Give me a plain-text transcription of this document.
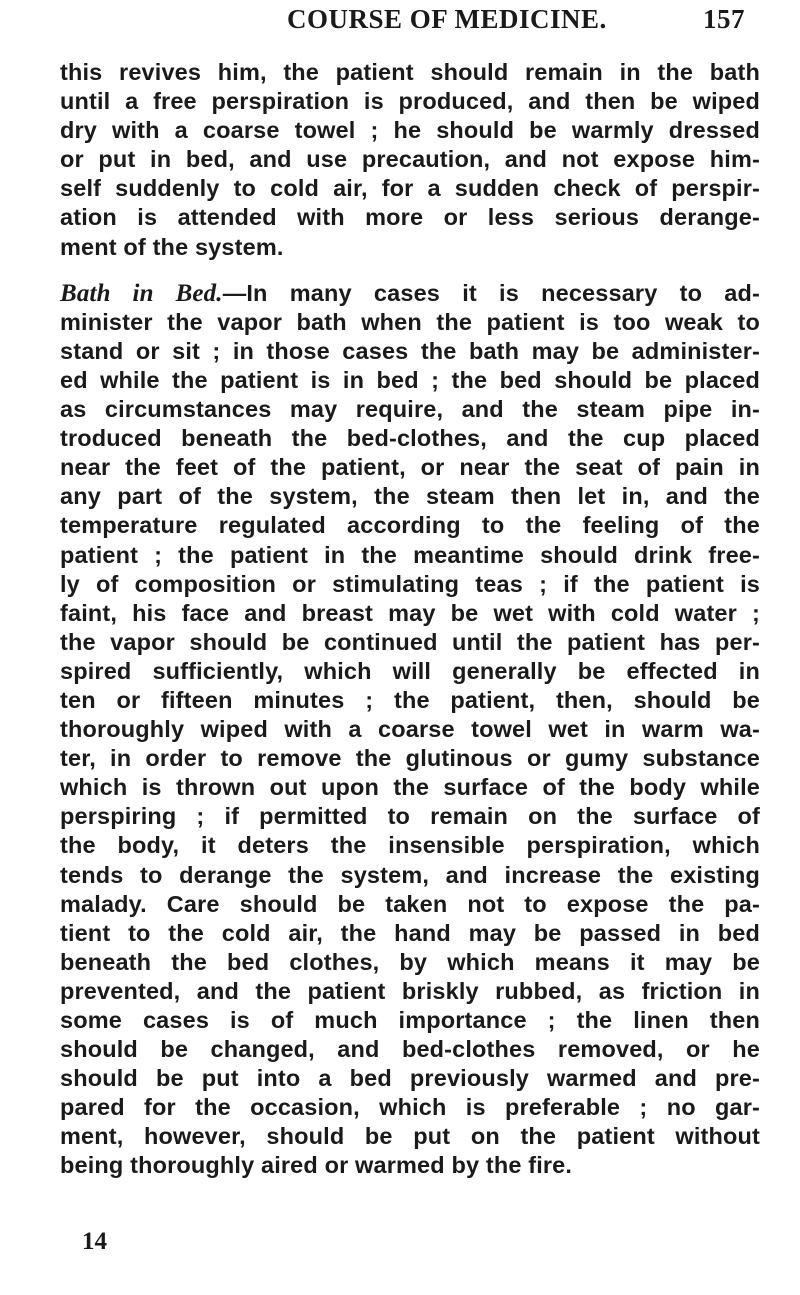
COURSE OF MEDICINE.	157
this revives him, the patient should remain in the bath
until a free perspiration is produced, and then be wiped
dry with a coarse towel ; he should be warmly dressed
or put in bed, and use precaution, and not expose him-
self suddenly to cold air, for a sudden check of perspir-
ation is attended with more or less serious derange-
ment of the system.
Bath in Bed.—In many cases it is necessary to ad-
minister the vapor bath when the patient is too weak to
stand or sit ; in those cases the bath may be administer-
ed while the patient is in bed ; the bed should be placed
as circumstances may require, and the steam pipe in-
troduced beneath the bed-clothes, and the cup placed
near the feet of the patient, or near the seat of pain in
any part of the system, the steam then let in, and the
temperature regulated according to the feeling of the
patient ; the patient in the meantime should drink free-
ly of composition or stimulating teas ; if the patient is
faint, his face and breast may be wet with cold water ;
the vapor should be continued until the patient has per-
spired sufficiently, which will generally be effected in
ten or fifteen minutes ; the patient, then, should be
thoroughly wiped with a coarse towel wet in warm wa-
ter, in order to remove the glutinous or gumy substance
which is thrown out upon the surface of the body while
perspiring ; if permitted to remain on the surface of
the body, it deters the insensible perspiration, which
tends to derange the system, and increase the existing
malady. Care should be taken not to expose the pa-
tient to the cold air, the hand may be passed in bed
beneath the bed clothes, by which means it may be
prevented, and the patient briskly rubbed, as friction in
some cases is of much importance ; the linen then
should be changed, and bed-clothes removed, or he
should be put into a bed previously warmed and pre-
pared for the occasion, which is preferable ; no gar-
ment, however, should be put on the patient without
being thoroughly aired or warmed by the fire.
14
